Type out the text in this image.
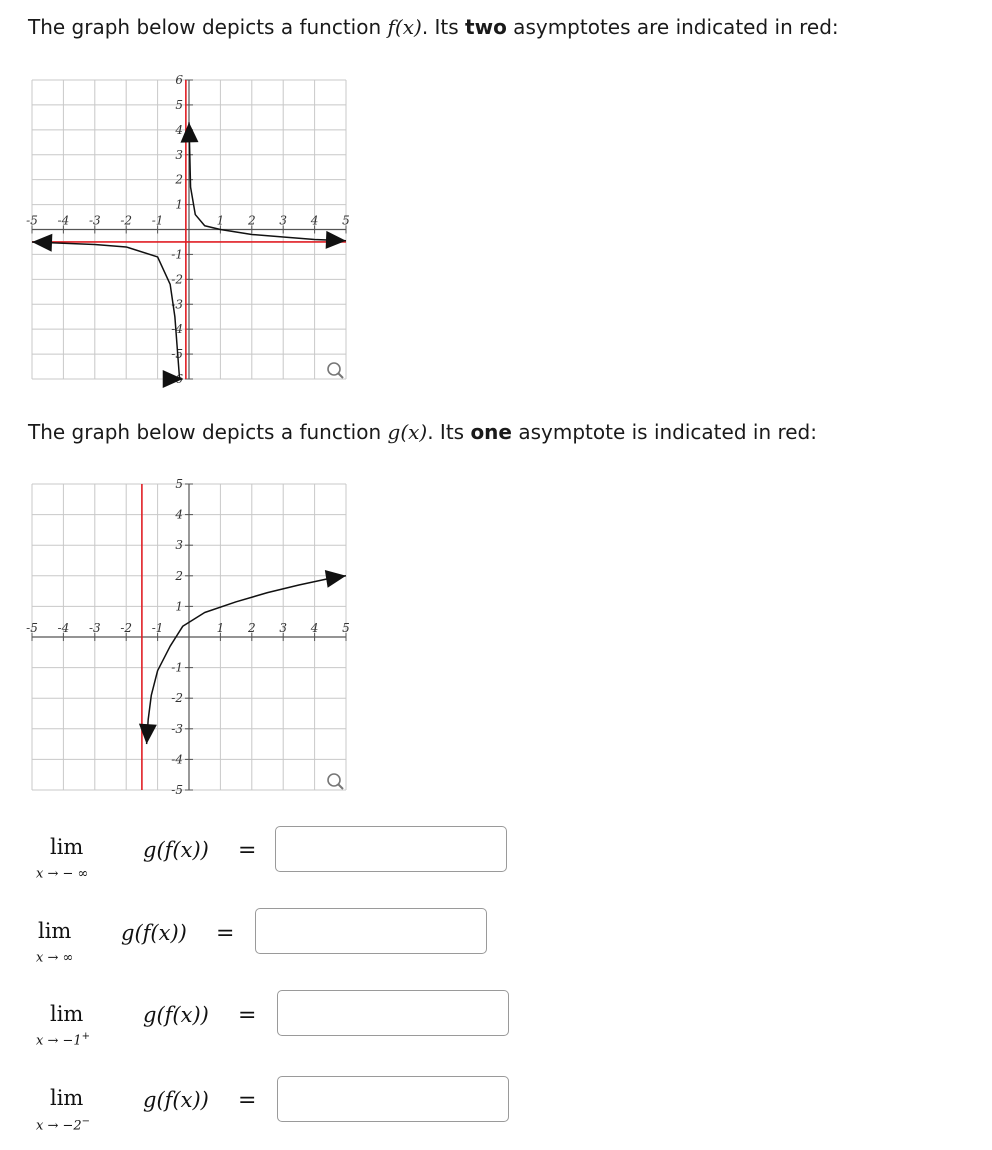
The graph below depicts a function f(x). Its two asymptotes are indicated in red:
-5 -4 -3 -2 -1	1 2 3 4 5
6
5
4
3
2
1
-1
-2
-3
-4
-5
The graph below depicts a function g(x). Its one asymptote is indicated in red:
-5 -4 -3 -2 -1	1 2 3 4 5
5
4
3
2
1
-1
-2
-3
-4
-5
lim
x → − ∞
g(f(x)) =
lim
x → ∞
g(f(x)) =
lim
x → −1+
g(f(x)) =
lim
x → −2−
g(f(x)) =
